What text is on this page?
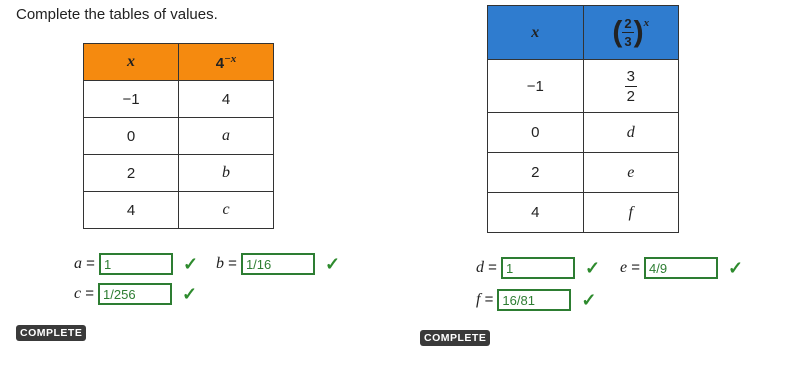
Complete the tables of values.
x	$4^{-x}$
−1	4
0	a
2	b
4	c
x	( $\frac{2}{3} )^x$
−1	$\frac{3}{2}$

0	d
2	e
4	f
a =
1	✓ b =
1/16	✓
c =
1/256	✓
d =
1	✓ e =
4/9	✓
f =
16/81	✓
COMPLETE	COMPLETE
